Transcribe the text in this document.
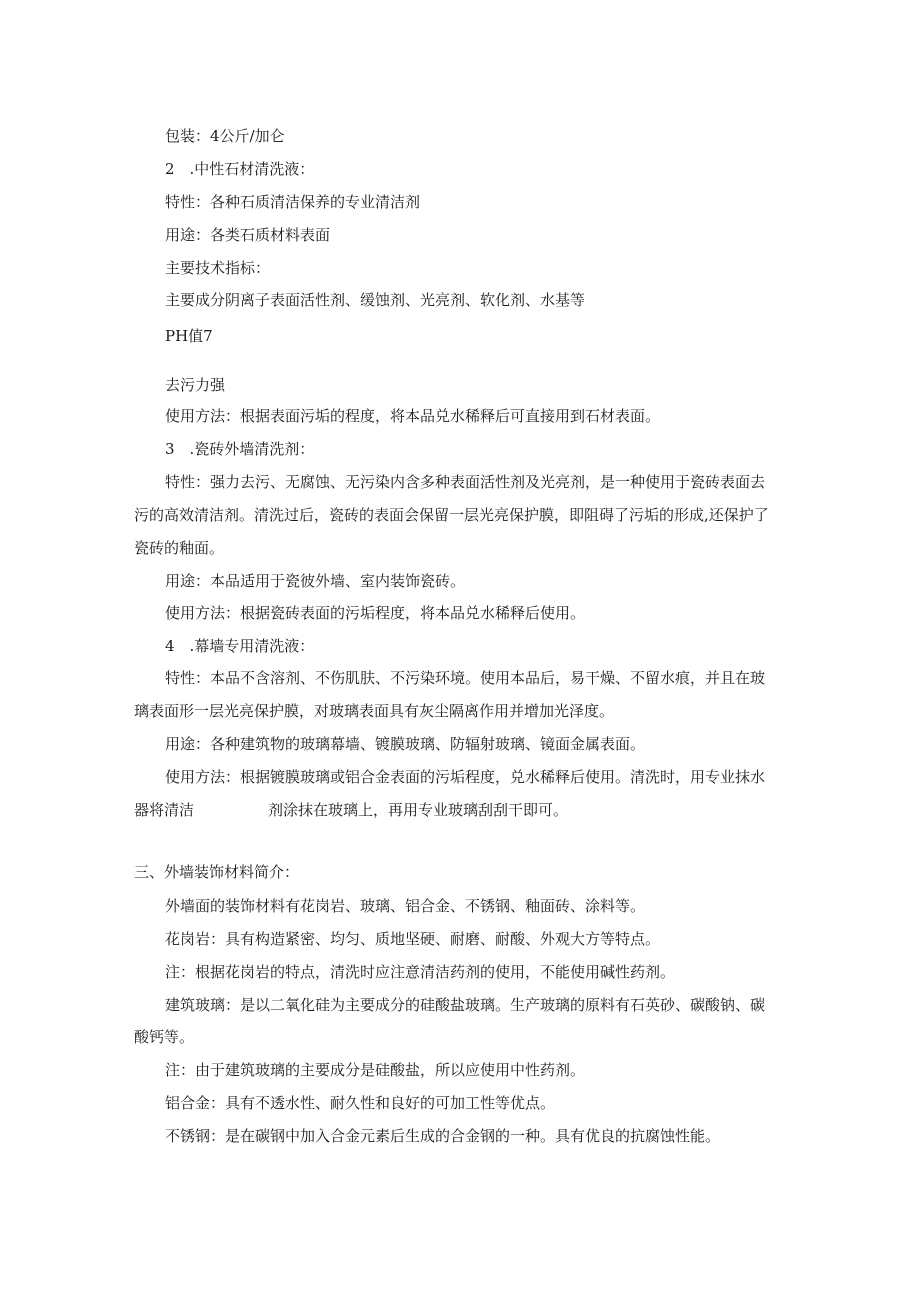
包装：4公斤/加仑
2　.中性石材清洗液：
特性：各种石质清洁保养的专业清洁剂
用途：各类石质材料表面
主要技术指标：
主要成分阴离子表面活性剂、缓蚀剂、光亮剂、软化剂、水基等
PH值7
去污力强
使用方法：根据表面污垢的程度，将本品兑水稀释后可直接用到石材表面。
3　.瓷砖外墙清洗剂：
特性：强力去污、无腐蚀、无污染内含多种表面活性剂及光亮剂，是一种使用于瓷砖表面去
污的高效清洁剂。清洗过后，瓷砖的表面会保留一层光亮保护膜，即阻碍了污垢的形成,还保护了
瓷砖的釉面。
用途：本品适用于瓷彼外墙、室内装饰瓷砖。
使用方法：根据瓷砖表面的污垢程度，将本品兑水稀释后使用。
4　.幕墙专用清洗液：
特性：本品不含溶剂、不伤肌肤、不污染环境。使用本品后，易干燥、不留水痕，并且在玻
璃表面形一层光亮保护膜，对玻璃表面具有灰尘隔离作用并增加光泽度。
用途：各种建筑物的玻璃幕墙、镀膜玻璃、防辐射玻璃、镜面金属表面。
使用方法：根据镀膜玻璃或铝合金表面的污垢程度，兑水稀释后使用。清洗时，用专业抹水
器将清洁	剂涂抹在玻璃上，再用专业玻璃刮刮干即可。
三、外墙装饰材料简介：
外墙面的装饰材料有花岗岩、玻璃、铝合金、不锈钢、釉面砖、涂料等。
花岗岩：具有构造紧密、均匀、质地坚硬、耐磨、耐酸、外观大方等特点。
注：根据花岗岩的特点，清洗时应注意清洁药剂的使用，不能使用碱性药剂。
建筑玻璃：是以二氧化硅为主要成分的硅酸盐玻璃。生产玻璃的原料有石英砂、碳酸钠、碳
酸钙等。
注：由于建筑玻璃的主要成分是硅酸盐，所以应使用中性药剂。
铝合金：具有不透水性、耐久性和良好的可加工性等优点。
不锈钢：是在碳钢中加入合金元素后生成的合金钢的一种。具有优良的抗腐蚀性能。
